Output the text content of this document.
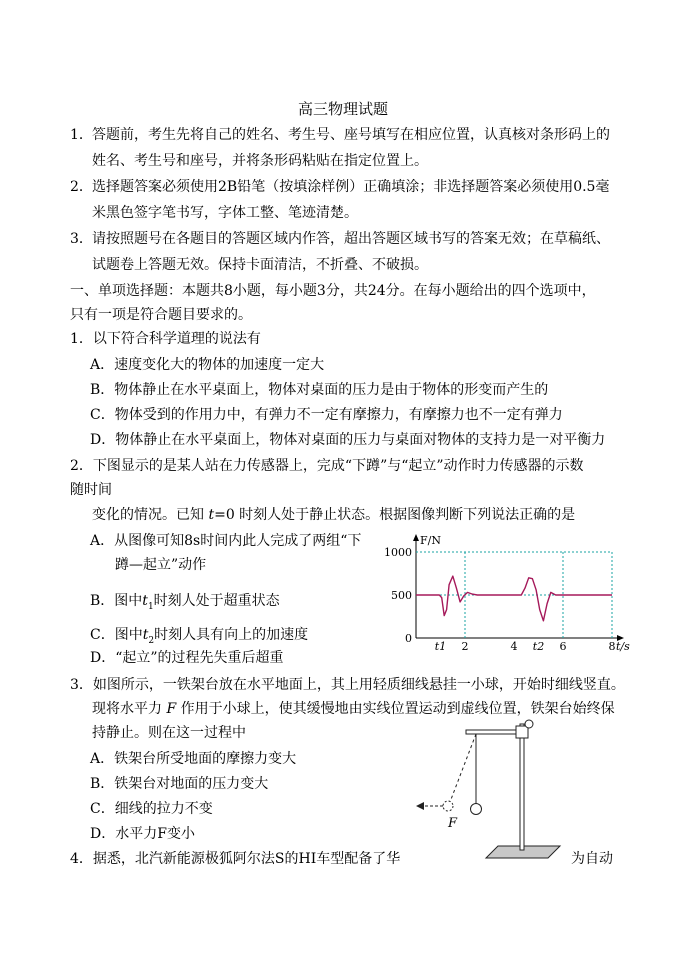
高三物理试题
1． 答题前，考生先将自己的姓名、考生号、座号填写在相应位置，认真核对条形码上的
姓名、考生号和座号，并将条形码粘贴在指定位置上。
2． 选择题答案必须使用2B铅笔（按填涂样例）正确填涂；非选择题答案必须使用0.5毫
米黑色签字笔书写，字体工整、笔迹清楚。
3． 请按照题号在各题目的答题区域内作答，超出答题区域书写的答案无效；在草稿纸、
试题卷上答题无效。保持卡面清洁，不折叠、不破损。
一、单项选择题：本题共8小题，每小题3分，共24分。在每小题给出的四个选项中，
只有一项是符合题目要求的。
1．以下符合科学道理的说法有
A．速度变化大的物体的加速度一定大
B．物体静止在水平桌面上，物体对桌面的压力是由于物体的形变而产生的
C．物体受到的作用力中，有弹力不一定有摩擦力，有摩擦力也不一定有弹力
D．物体静止在水平桌面上，物体对桌面的压力与桌面对物体的支持力是一对平衡力
2．下图显示的是某人站在力传感器上，完成“下蹲”与“起立”动作时力传感器的示数
随时间
变化的情况。已知 t=0 时刻人处于静止状态。根据图像判断下列说法正确的是
A．从图像可知8s时间内此人完成了两组“下
蹲—起立”动作
B．图中$t_1$时刻人处于超重状态
C．图中$t_2$时刻人具有向上的加速度
D．“起立”的过程先失重后超重
1000
500
0
F/N
t1 2	4 t2 6	8 t/s
3．如图所示，一铁架台放在水平地面上，其上用轻质细线悬挂一小球，开始时细线竖直。
现将水平力 F 作用于小球上，使其缓慢地由实线位置运动到虚线位置，铁架台始终保
持静止。则在这一过程中
A．铁架台所受地面的摩擦力变大
B．铁架台对地面的压力变大
C．细线的拉力不变
D．水平力F变小
F
4．据悉，北汽新能源极狐阿尔法S的HI车型配备了华	为自动
